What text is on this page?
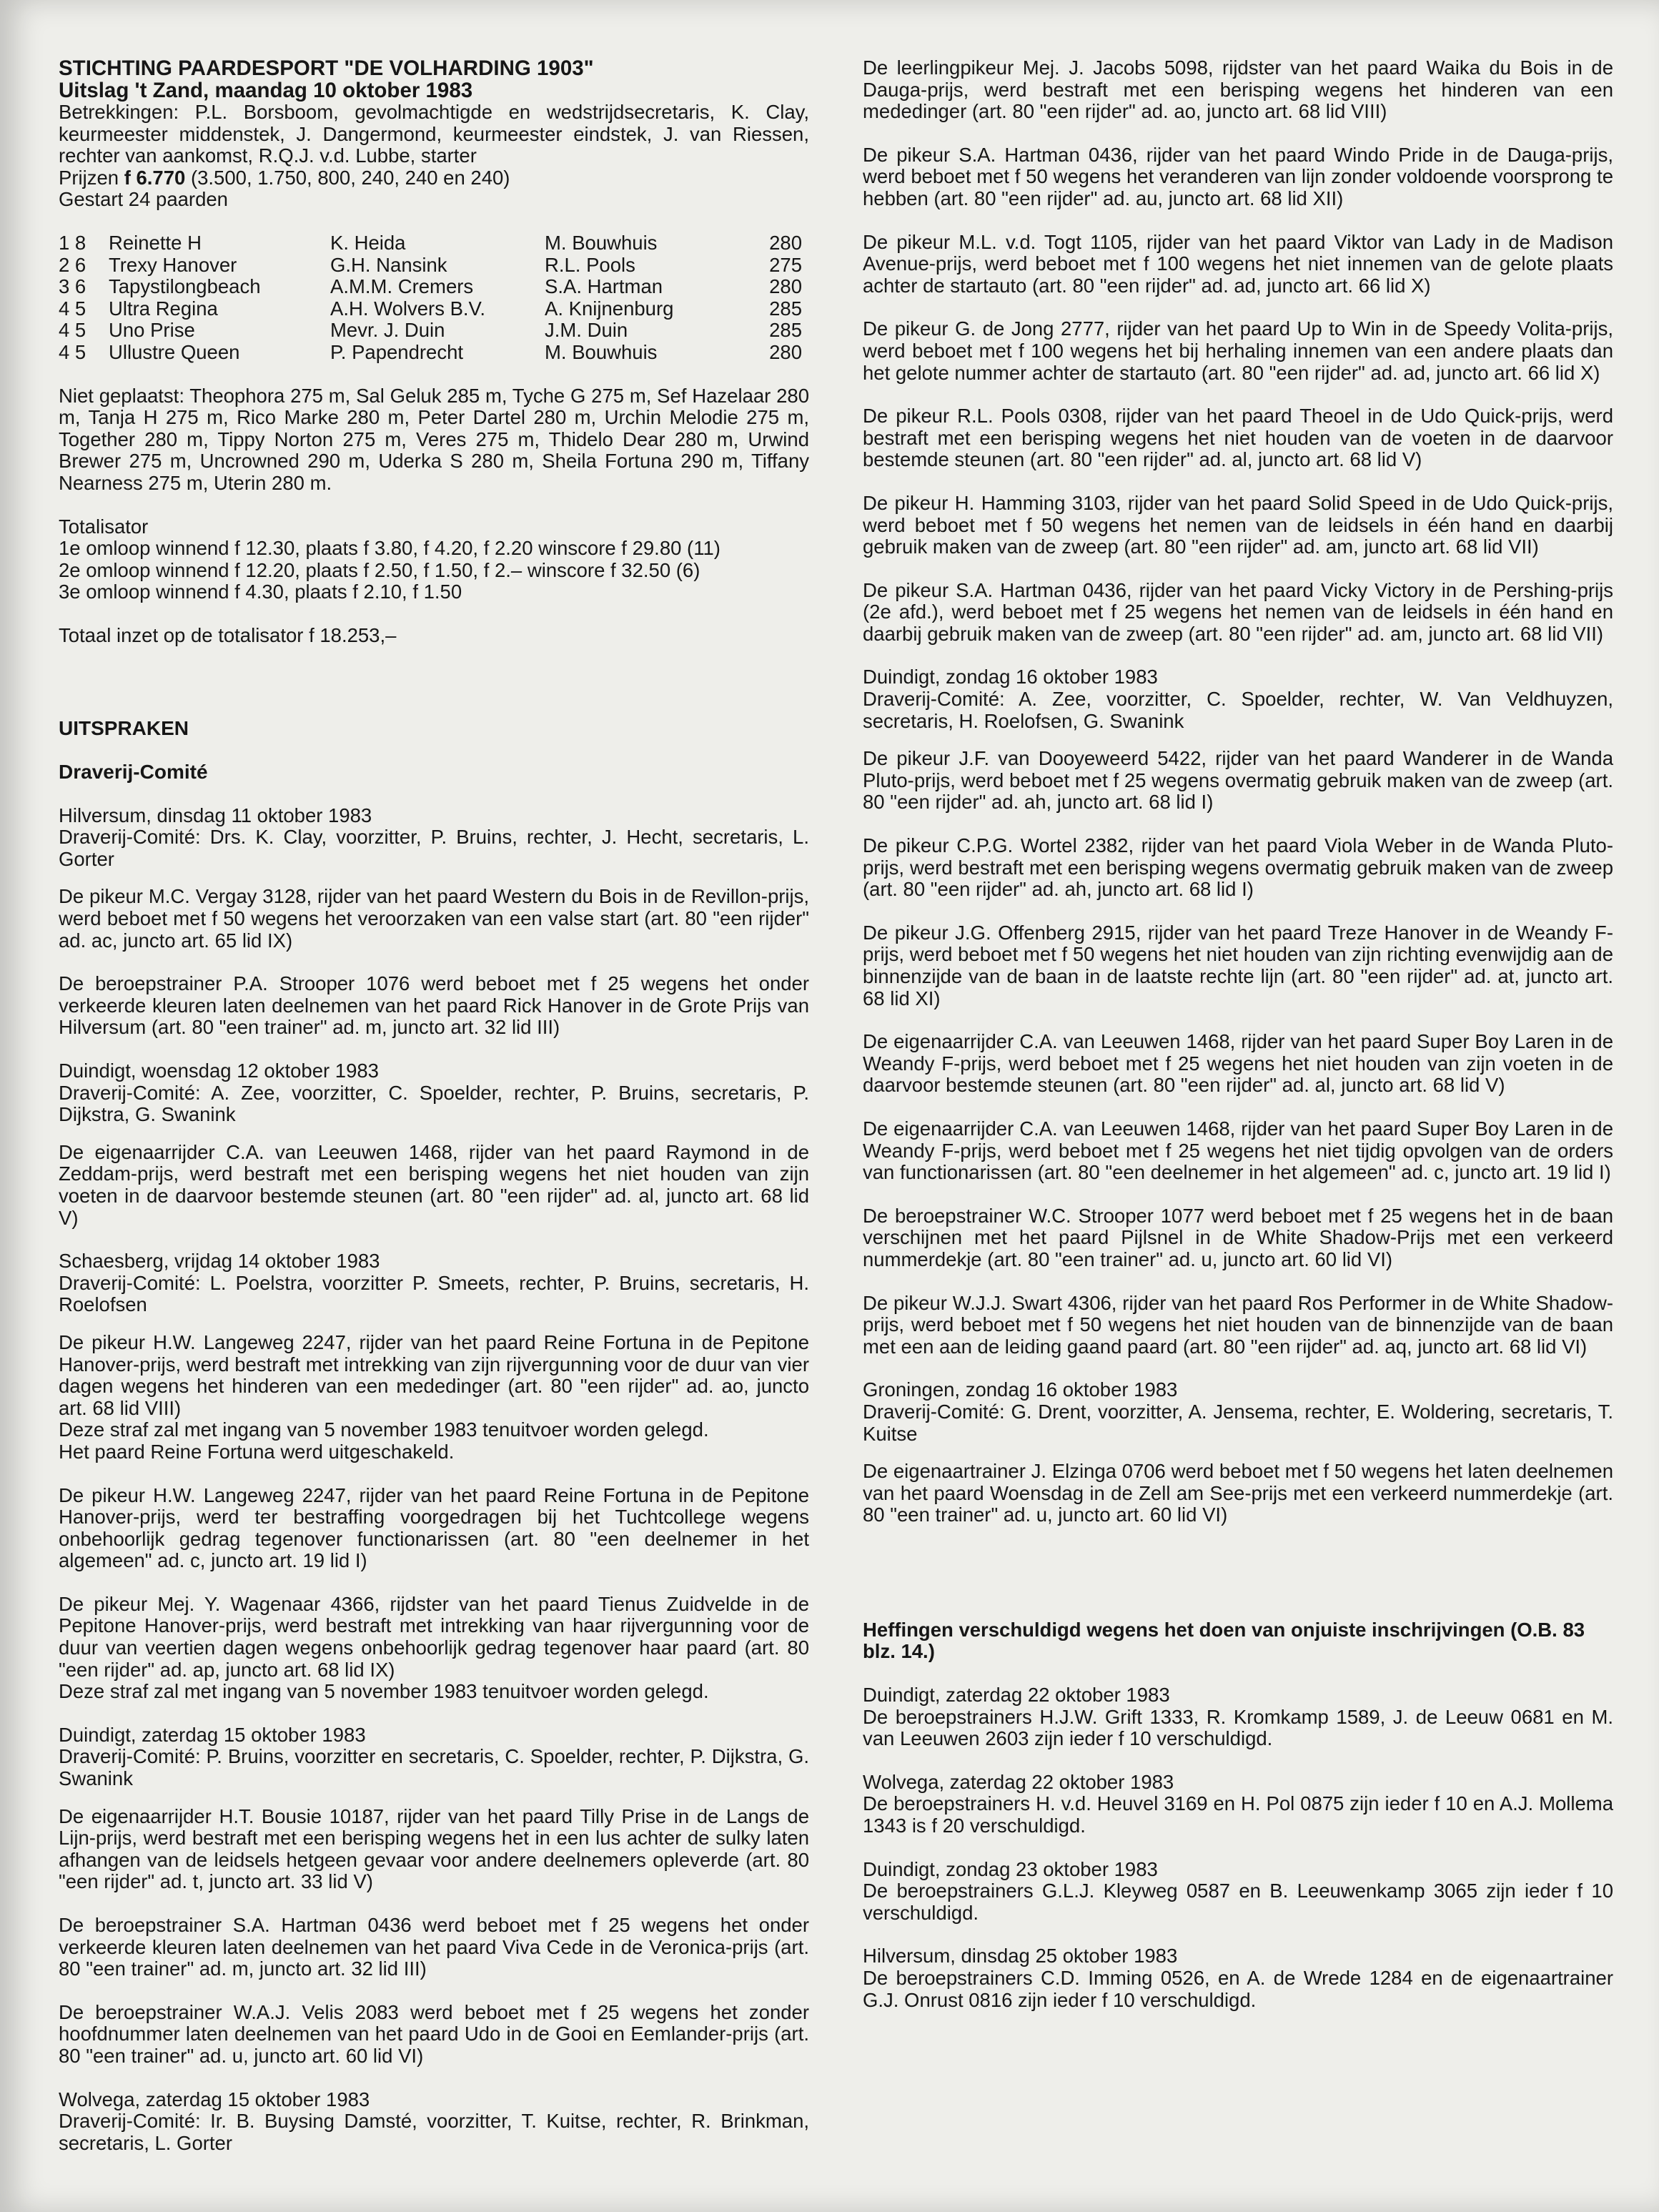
STICHTING PAARDESPORT "DE VOLHARDING 1903"
Uitslag 't Zand, maandag 10 oktober 1983

Betrekkingen: P.L. Borsboom, gevolmachtigde en wedstrijdsecretaris, K. Clay, keurmeester middenstek, J. Dangermond, keurmeester eindstek, J. van Riessen, rechter van aankomst, R.Q.J. v.d. Lubbe, starter

Prijzen f 6.770 (3.500, 1.750, 800, 240, 240 en 240)
Gestart 24 paarden
1 8	Reinette H	K. Heida	M. Bouwhuis	280
2 6	Trexy Hanover	G.H. Nansink	R.L. Pools	275
3 6	Tapystilongbeach	A.M.M. Cremers	S.A. Hartman	280
4 5	Ultra Regina	A.H. Wolvers B.V.	A. Knijnenburg	285
4 5	Uno Prise	Mevr. J. Duin	J.M. Duin	285
4 5	Ullustre Queen	P. Papendrecht	M. Bouwhuis	280

Niet geplaatst: Theophora 275 m, Sal Geluk 285 m, Tyche G 275 m, Sef Hazelaar 280 m, Tanja H 275 m, Rico Marke 280 m, Peter Dartel 280 m, Urchin Melodie 275 m, Together 280 m, Tippy Norton 275 m, Veres 275 m, Thidelo Dear 280 m, Urwind Brewer 275 m, Uncrowned 290 m, Uderka S 280 m, Sheila Fortuna 290 m, Tiffany Nearness 275 m, Uterin 280 m.

Totalisator
1e omloop winnend f 12.30, plaats f 3.80, f 4.20, f 2.20 winscore f 29.80 (11)
2e omloop winnend f 12.20, plaats f 2.50, f 1.50, f 2.– winscore f 32.50 (6)
3e omloop winnend f 4.30, plaats f 2.10, f 1.50
Totaal inzet op de totalisator f 18.253,–
UITSPRAKEN
Draverij-Comité
Hilversum, dinsdag 11 oktober 1983

Draverij-Comité: Drs. K. Clay, voorzitter, P. Bruins, rechter, J. Hecht, secretaris, L. Gorter

De pikeur M.C. Vergay 3128, rijder van het paard Western du Bois in de Revillon-prijs, werd beboet met f 50 wegens het veroorzaken van een valse start (art. 80 "een rijder" ad. ac, juncto art. 65 lid IX)

De beroepstrainer P.A. Strooper 1076 werd beboet met f 25 wegens het onder verkeerde kleuren laten deelnemen van het paard Rick Hanover in de Grote Prijs van Hilversum (art. 80 "een trainer" ad. m, juncto art. 32 lid III)

Duindigt, woensdag 12 oktober 1983

Draverij-Comité: A. Zee, voorzitter, C. Spoelder, rechter, P. Bruins, secretaris, P. Dijkstra, G. Swanink

De eigenaarrijder C.A. van Leeuwen 1468, rijder van het paard Raymond in de Zeddam-prijs, werd bestraft met een berisping wegens het niet houden van zijn voeten in de daarvoor bestemde steunen (art. 80 "een rijder" ad. al, juncto art. 68 lid V)

Schaesberg, vrijdag 14 oktober 1983

Draverij-Comité: L. Poelstra, voorzitter P. Smeets, rechter, P. Bruins, secretaris, H. Roelofsen

De pikeur H.W. Langeweg 2247, rijder van het paard Reine Fortuna in de Pepitone Hanover-prijs, werd bestraft met intrekking van zijn rijvergunning voor de duur van vier dagen wegens het hinderen van een mededinger (art. 80 "een rijder" ad. ao, juncto art. 68 lid VIII)

Deze straf zal met ingang van 5 november 1983 tenuitvoer worden gelegd.
Het paard Reine Fortuna werd uitgeschakeld.

De pikeur H.W. Langeweg 2247, rijder van het paard Reine Fortuna in de Pepitone Hanover-prijs, werd ter bestraffing voorgedragen bij het Tuchtcollege wegens onbehoorlijk gedrag tegenover functionarissen (art. 80 "een deelnemer in het algemeen" ad. c, juncto art. 19 lid I)

De pikeur Mej. Y. Wagenaar 4366, rijdster van het paard Tienus Zuidvelde in de Pepitone Hanover-prijs, werd bestraft met intrekking van haar rijvergunning voor de duur van veertien dagen wegens onbehoorlijk gedrag tegenover haar paard (art. 80 "een rijder" ad. ap, juncto art. 68 lid IX)

Deze straf zal met ingang van 5 november 1983 tenuitvoer worden gelegd.
Duindigt, zaterdag 15 oktober 1983

Draverij-Comité: P. Bruins, voorzitter en secretaris, C. Spoelder, rechter, P. Dijkstra, G. Swanink

De eigenaarrijder H.T. Bousie 10187, rijder van het paard Tilly Prise in de Langs de Lijn-prijs, werd bestraft met een berisping wegens het in een lus achter de sulky laten afhangen van de leidsels hetgeen gevaar voor andere deelnemers opleverde (art. 80 "een rijder" ad. t, juncto art. 33 lid V)

De beroepstrainer S.A. Hartman 0436 werd beboet met f 25 wegens het onder verkeerde kleuren laten deelnemen van het paard Viva Cede in de Veronica-prijs (art. 80 "een trainer" ad. m, juncto art. 32 lid III)

De beroepstrainer W.A.J. Velis 2083 werd beboet met f 25 wegens het zonder hoofdnummer laten deelnemen van het paard Udo in de Gooi en Eemlander-prijs (art. 80 "een trainer" ad. u, juncto art. 60 lid VI)

Wolvega, zaterdag 15 oktober 1983

Draverij-Comité: Ir. B. Buysing Damsté, voorzitter, T. Kuitse, rechter, R. Brinkman, secretaris, L. Gorter

De leerlingpikeur Mej. J. Jacobs 5098, rijdster van het paard Waika du Bois in de Dauga-prijs, werd bestraft met een berisping wegens het hinderen van een mededinger (art. 80 "een rijder" ad. ao, juncto art. 68 lid VIII)

De pikeur S.A. Hartman 0436, rijder van het paard Windo Pride in de Dauga-prijs, werd beboet met f 50 wegens het veranderen van lijn zonder voldoende voorsprong te hebben (art. 80 "een rijder" ad. au, juncto art. 68 lid XII)

De pikeur M.L. v.d. Togt 1105, rijder van het paard Viktor van Lady in de Madison Avenue-prijs, werd beboet met f 100 wegens het niet innemen van de gelote plaats achter de startauto (art. 80 "een rijder" ad. ad, juncto art. 66 lid X)

De pikeur G. de Jong 2777, rijder van het paard Up to Win in de Speedy Volita-prijs, werd beboet met f 100 wegens het bij herhaling innemen van een andere plaats dan het gelote nummer achter de startauto (art. 80 "een rijder" ad. ad, juncto art. 66 lid X)

De pikeur R.L. Pools 0308, rijder van het paard Theoel in de Udo Quick-prijs, werd bestraft met een berisping wegens het niet houden van de voeten in de daarvoor bestemde steunen (art. 80 "een rijder" ad. al, juncto art. 68 lid V)

De pikeur H. Hamming 3103, rijder van het paard Solid Speed in de Udo Quick-prijs, werd beboet met f 50 wegens het nemen van de leidsels in één hand en daarbij gebruik maken van de zweep (art. 80 "een rijder" ad. am, juncto art. 68 lid VII)

De pikeur S.A. Hartman 0436, rijder van het paard Vicky Victory in de Pershing-prijs (2e afd.), werd beboet met f 25 wegens het nemen van de leidsels in één hand en daarbij gebruik maken van de zweep (art. 80 "een rijder" ad. am, juncto art. 68 lid VII)

Duindigt, zondag 16 oktober 1983

Draverij-Comité: A. Zee, voorzitter, C. Spoelder, rechter, W. Van Veldhuyzen, secretaris, H. Roelofsen, G. Swanink

De pikeur J.F. van Dooyeweerd 5422, rijder van het paard Wanderer in de Wanda Pluto-prijs, werd beboet met f 25 wegens overmatig gebruik maken van de zweep (art. 80 "een rijder" ad. ah, juncto art. 68 lid I)

De pikeur C.P.G. Wortel 2382, rijder van het paard Viola Weber in de Wanda Pluto-prijs, werd bestraft met een berisping wegens overmatig gebruik maken van de zweep (art. 80 "een rijder" ad. ah, juncto art. 68 lid I)

De pikeur J.G. Offenberg 2915, rijder van het paard Treze Hanover in de Weandy F-prijs, werd beboet met f 50 wegens het niet houden van zijn richting evenwijdig aan de binnenzijde van de baan in de laatste rechte lijn (art. 80 "een rijder" ad. at, juncto art. 68 lid XI)

De eigenaarrijder C.A. van Leeuwen 1468, rijder van het paard Super Boy Laren in de Weandy F-prijs, werd beboet met f 25 wegens het niet houden van zijn voeten in de daarvoor bestemde steunen (art. 80 "een rijder" ad. al, juncto art. 68 lid V)

De eigenaarrijder C.A. van Leeuwen 1468, rijder van het paard Super Boy Laren in de Weandy F-prijs, werd beboet met f 25 wegens het niet tijdig opvolgen van de orders van functionarissen (art. 80 "een deelnemer in het algemeen" ad. c, juncto art. 19 lid I)

De beroepstrainer W.C. Strooper 1077 werd beboet met f 25 wegens het in de baan verschijnen met het paard Pijlsnel in de White Shadow-Prijs met een verkeerd nummerdekje (art. 80 "een trainer" ad. u, juncto art. 60 lid VI)

De pikeur W.J.J. Swart 4306, rijder van het paard Ros Performer in de White Shadow-prijs, werd beboet met f 50 wegens het niet houden van de binnenzijde van de baan met een aan de leiding gaand paard (art. 80 "een rijder" ad. aq, juncto art. 68 lid VI)

Groningen, zondag 16 oktober 1983

Draverij-Comité: G. Drent, voorzitter, A. Jensema, rechter, E. Woldering, secretaris, T. Kuitse

De eigenaartrainer J. Elzinga 0706 werd beboet met f 50 wegens het laten deelnemen van het paard Woensdag in de Zell am See-prijs met een verkeerd nummerdekje (art. 80 "een trainer" ad. u, juncto art. 60 lid VI)

Heffingen verschuldigd wegens het doen van onjuiste inschrijvingen (O.B. 83 blz. 14.)
Duindigt, zaterdag 22 oktober 1983

De beroepstrainers H.J.W. Grift 1333, R. Kromkamp 1589, J. de Leeuw 0681 en M. van Leeuwen 2603 zijn ieder f 10 verschuldigd.

Wolvega, zaterdag 22 oktober 1983

De beroepstrainers H. v.d. Heuvel 3169 en H. Pol 0875 zijn ieder f 10 en A.J. Mollema 1343 is f 20 verschuldigd.

Duindigt, zondag 23 oktober 1983

De beroepstrainers G.L.J. Kleyweg 0587 en B. Leeuwenkamp 3065 zijn ieder f 10 verschuldigd.

Hilversum, dinsdag 25 oktober 1983

De beroepstrainers C.D. Imming 0526, en A. de Wrede 1284 en de eigenaartrainer G.J. Onrust 0816 zijn ieder f 10 verschuldigd.
